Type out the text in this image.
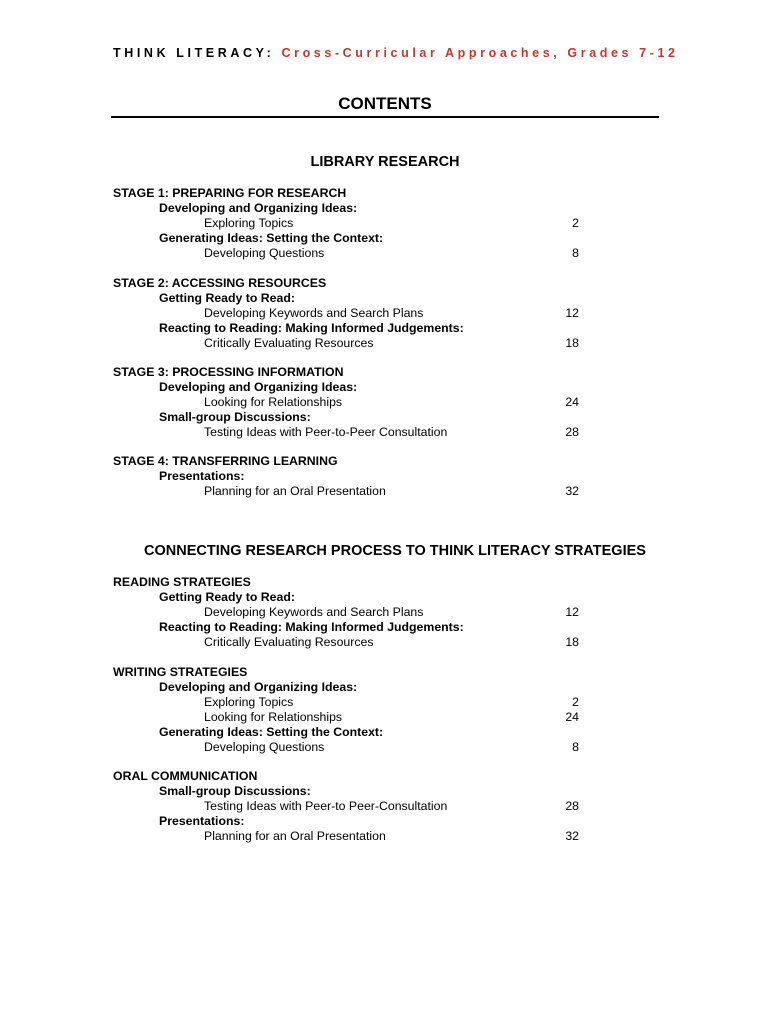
THINK LITERACY: Cross-Curricular Approaches, Grades 7-12
CONTENTS
LIBRARY RESEARCH
STAGE 1: PREPARING FOR RESEARCH
Developing and Organizing Ideas:
Exploring Topics	2
Generating Ideas: Setting the Context:
Developing Questions	8
STAGE 2: ACCESSING RESOURCES
Getting Ready to Read:
Developing Keywords and Search Plans	12
Reacting to Reading: Making Informed Judgements:
Critically Evaluating Resources	18
STAGE 3: PROCESSING INFORMATION
Developing and Organizing Ideas:
Looking for Relationships	24
Small-group Discussions:
Testing Ideas with Peer-to-Peer Consultation	28
STAGE 4: TRANSFERRING LEARNING
Presentations:
Planning for an Oral Presentation	32
CONNECTING RESEARCH PROCESS TO THINK LITERACY STRATEGIES
READING STRATEGIES
Getting Ready to Read:
Developing Keywords and Search Plans	12
Reacting to Reading: Making Informed Judgements:
Critically Evaluating Resources	18
WRITING STRATEGIES
Developing and Organizing Ideas:
Exploring Topics	2
Looking for Relationships	24
Generating Ideas: Setting the Context:
Developing Questions	8
ORAL COMMUNICATION
Small-group Discussions:
Testing Ideas with Peer-to Peer-Consultation	28
Presentations:
Planning for an Oral Presentation	32
